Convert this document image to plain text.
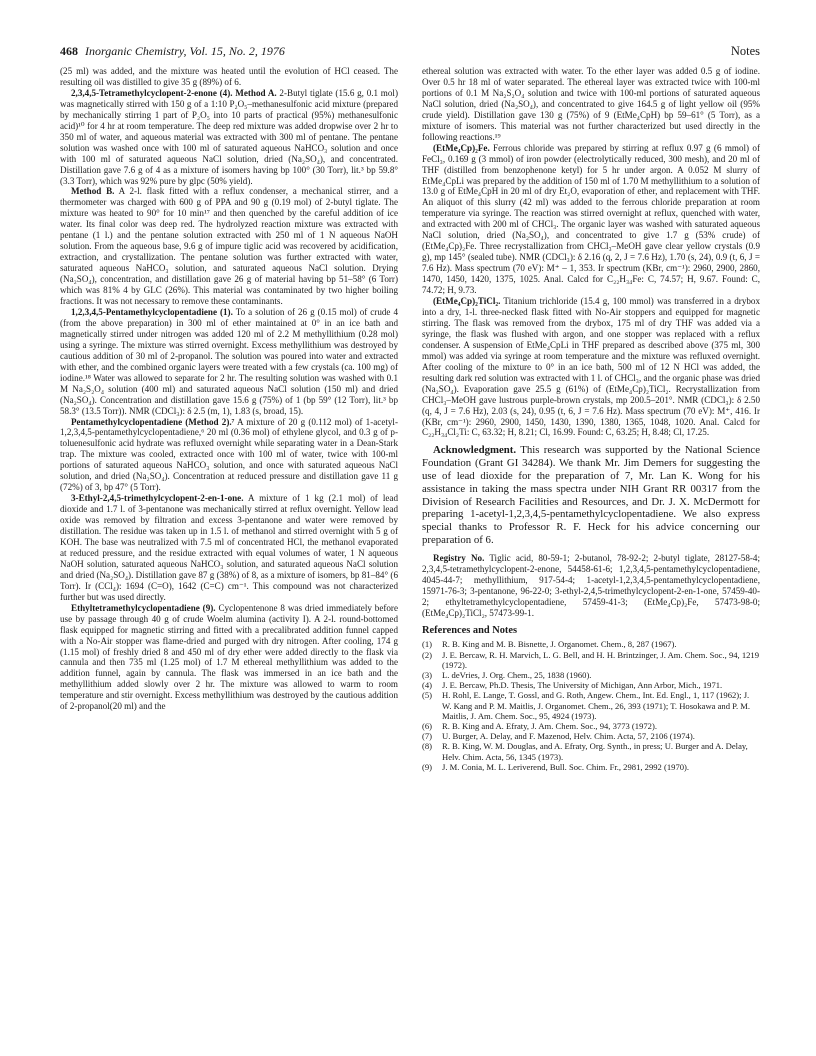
468 Inorganic Chemistry, Vol. 15, No. 2, 1976	Notes

(25 ml) was added, and the mixture was heated until the evolution of HCl ceased. The resulting oil was distilled to give 35 g (89%) of 6.

2,3,4,5-Tetramethylcyclopent-2-enone (4). Method A. 2-Butyl tiglate (15.6 g, 0.1 mol) was magnetically stirred with 150 g of a 1:10 P₂O₅–methanesulfonic acid mixture (prepared by mechanically stirring 1 part of P₂O₅ into 10 parts of practical (95%) methanesulfonic acid)¹⁰ for 4 hr at room temperature. The deep red mixture was added dropwise over 2 hr to 350 ml of water, and aqueous material was extracted with 300 ml of pentane. The pentane solution was washed once with 100 ml of saturated aqueous NaHCO₃ solution and once with 100 ml of saturated aqueous NaCl solution, dried (Na₂SO₄), and concentrated. Distillation gave 7.6 g of 4 as a mixture of isomers having bp 100° (30 Torr), lit.³ bp 59.8° (3.3 Torr), which was 92% pure by glpc (50% yield).

Method B. A 2-l. flask fitted with a reflux condenser, a mechanical stirrer, and a thermometer was charged with 600 g of PPA and 90 g (0.19 mol) of 2-butyl tiglate. The mixture was heated to 90° for 10 min¹⁷ and then quenched by the careful addition of ice water. Its final color was deep red. The hydrolyzed reaction mixture was extracted with pentane (1 l.) and the pentane solution extracted with 250 ml of 1 N aqueous NaOH solution. From the aqueous base, 9.6 g of impure tiglic acid was recovered by acidification, extraction, and crystallization. The pentane solution was further extracted with water, saturated aqueous NaHCO₃ solution, and saturated aqueous NaCl solution. Drying (Na₂SO₄), concentration, and distillation gave 26 g of material having bp 51–58° (6 Torr) which was 81% 4 by GLC (26%). This material was contaminated by two higher boiling fractions. It was not necessary to remove these contaminants.

1,2,3,4,5-Pentamethylcyclopentadiene (1). To a solution of 26 g (0.15 mol) of crude 4 (from the above preparation) in 300 ml of ether maintained at 0° in an ice bath and magnetically stirred under nitrogen was added 120 ml of 2.2 M methyllithium (0.28 mol) using a syringe. The mixture was stirred overnight. Excess methyllithium was destroyed by cautious addition of 30 ml of 2-propanol. The solution was poured into water and extracted with ether, and the combined organic layers were treated with a few crystals (ca. 100 mg) of iodine.¹⁸ Water was allowed to separate for 2 hr. The resulting solution was washed with 0.1 M Na₂S₂O₄ solution (400 ml) and saturated aqueous NaCl solution (150 ml) and dried (Na₂SO₄). Concentration and distillation gave 15.6 g (75%) of 1 (bp 59° (12 Torr), lit.³ bp 58.3° (13.5 Torr)). NMR (CDCl₃): δ 2.5 (m, 1), 1.83 (s, broad, 15).

Pentamethylcyclopentadiene (Method 2).⁷ A mixture of 20 g (0.112 mol) of 1-acetyl-1,2,3,4,5-pentamethylcyclopentadiene,⁶ 20 ml (0.36 mol) of ethylene glycol, and 0.3 g of p-toluenesulfonic acid hydrate was refluxed overnight while separating water in a Dean-Stark trap. The mixture was cooled, extracted once with 100 ml of water, twice with 100-ml portions of saturated aqueous NaHCO₃ solution, and once with saturated aqueous NaCl solution, and dried (Na₂SO₄). Concentration at reduced pressure and distillation gave 11 g (72%) of 3, bp 47° (5 Torr).

3-Ethyl-2,4,5-trimethylcyclopent-2-en-1-one. A mixture of 1 kg (2.1 mol) of lead dioxide and 1.7 l. of 3-pentanone was mechanically stirred at reflux overnight. Yellow lead oxide was removed by filtration and excess 3-pentanone and water were removed by distillation. The residue was taken up in 1.5 l. of methanol and stirred overnight with 5 g of KOH. The base was neutralized with 7.5 ml of concentrated HCl, the methanol evaporated at reduced pressure, and the residue extracted with equal volumes of water, 1 N aqueous NaOH solution, saturated aqueous NaHCO₃ solution, and saturated aqueous NaCl solution and dried (Na₂SO₄). Distillation gave 87 g (38%) of 8, as a mixture of isomers, bp 81–84° (6 Torr). Ir (CCl₄): 1694 (C=O), 1642 (C=C) cm⁻¹. This compound was not characterized further but was used directly.

Ethyltetramethylcyclopentadiene (9). Cyclopentenone 8 was dried immediately before use by passage through 40 g of crude Woelm alumina (activity I). A 2-l. round-bottomed flask equipped for magnetic stirring and fitted with a precalibrated addition funnel capped with a No-Air stopper was flame-dried and purged with dry nitrogen. After cooling, 174 g (1.15 mol) of freshly dried 8 and 450 ml of dry ether were added directly to the flask via cannula and then 735 ml (1.25 mol) of 1.7 M ethereal methyllithium was added to the addition funnel, again by cannula. The flask was immersed in an ice bath and the methyllithium added slowly over 2 hr. The mixture was allowed to warm to room temperature and stir overnight. Excess methyllithium was destroyed by the cautious addition of 2-propanol(20 ml) and the

ethereal solution was extracted with water. To the ether layer was added 0.5 g of iodine. Over 0.5 hr 18 ml of water separated. The ethereal layer was extracted twice with 100-ml portions of 0.1 M Na₂S₂O₄ solution and twice with 100-ml portions of saturated aqueous NaCl solution, dried (Na₂SO₄), and concentrated to give 164.5 g of light yellow oil (95% crude yield). Distillation gave 130 g (75%) of 9 (EtMe₄CpH) bp 59–61° (5 Torr), as a mixture of isomers. This material was not further characterized but used directly in the following reactions.¹⁹

(EtMe₄Cp)₂Fe. Ferrous chloride was prepared by stirring at reflux 0.97 g (6 mmol) of FeCl₃, 0.169 g (3 mmol) of iron powder (electrolytically reduced, 300 mesh), and 20 ml of THF (distilled from benzophenone ketyl) for 5 hr under argon. A 0.052 M slurry of EtMe₄CpLi was prepared by the addition of 150 ml of 1.70 M methyllithium to a solution of 13.0 g of EtMe₄CpH in 20 ml of dry Et₂O, evaporation of ether, and replacement with THF. An aliquot of this slurry (42 ml) was added to the ferrous chloride preparation at room temperature via syringe. The reaction was stirred overnight at reflux, quenched with water, and extracted with 200 ml of CHCl₃. The organic layer was washed with saturated aqueous NaCl solution, dried (Na₂SO₄), and concentrated to give 1.7 g (53% crude) of (EtMe₄Cp)₂Fe. Three recrystallization from CHCl₃–MeOH gave clear yellow crystals (0.9 g), mp 145° (sealed tube). NMR (CDCl₃): δ 2.16 (q, 2, J = 7.6 Hz), 1.70 (s, 24), 0.9 (t, 6, J = 7.6 Hz). Mass spectrum (70 eV): M⁺ – 1, 353. Ir spectrum (KBr, cm⁻¹): 2960, 2900, 2860, 1470, 1450, 1420, 1375, 1025. Anal. Calcd for C₂₂H₃₄Fe: C, 74.57; H, 9.67. Found: C, 74.72; H, 9.73.

(EtMe₄Cp)₂TiCl₂. Titanium trichloride (15.4 g, 100 mmol) was transferred in a drybox into a dry, 1-l. three-necked flask fitted with No-Air stoppers and equipped for magnetic stirring. The flask was removed from the drybox, 175 ml of dry THF was added via a syringe, the flask was flushed with argon, and one stopper was replaced with a reflux condenser. A suspension of EtMe₄CpLi in THF prepared as described above (375 ml, 300 mmol) was added via syringe at room temperature and the mixture was refluxed overnight. After cooling of the mixture to 0° in an ice bath, 500 ml of 12 N HCl was added, the resulting dark red solution was extracted with 1 l. of CHCl₃, and the organic phase was dried (Na₂SO₄). Evaporation gave 25.5 g (61%) of (EtMe₄Cp)₂TiCl₂. Recrystallization from CHCl₃–MeOH gave lustrous purple-brown crystals, mp 200.5–201°. NMR (CDCl₃): δ 2.50 (q, 4, J = 7.6 Hz), 2.03 (s, 24), 0.95 (t, 6, J = 7.6 Hz). Mass spectrum (70 eV): M⁺, 416. Ir (KBr, cm⁻¹): 2960, 2900, 1450, 1430, 1390, 1380, 1365, 1048, 1020. Anal. Calcd for C₂₂H₃₄Cl₂Ti: C, 63.32; H, 8.21; Cl, 16.99. Found: C, 63.25; H, 8.48; Cl, 17.25.

Acknowledgment. This research was supported by the National Science Foundation (Grant GI 34284). We thank Mr. Jim Demers for suggesting the use of lead dioxide for the preparation of 7, Mr. Lan K. Wong for his assistance in taking the mass spectra under NIH Grant RR 00317 from the Division of Research Facilities and Resources, and Dr. J. X. McDermott for preparing 1-acetyl-1,2,3,4,5-pentamethylcyclopentadiene. We also express special thanks to Professor R. F. Heck for his advice concerning our preparation of 6.

Registry No. Tiglic acid, 80-59-1; 2-butanol, 78-92-2; 2-butyl tiglate, 28127-58-4; 2,3,4,5-tetramethylcyclopent-2-enone, 54458-61-6; 1,2,3,4,5-pentamethylcyclopentadiene, 4045-44-7; methyllithium, 917-54-4; 1-acetyl-1,2,3,4,5-pentamethylcyclopentadiene, 15971-76-3; 3-pentanone, 96-22-0; 3-ethyl-2,4,5-trimethylcyclopent-2-en-1-one, 57459-40-2; ethyltetramethylcyclopentadiene, 57459-41-3; (EtMe₄Cp)₂Fe, 57473-98-0; (EtMe₄Cp)₂TiCl₂, 57473-99-1.

References and Notes
(1)	R. B. King and M. B. Bisnette, J. Organomet. Chem., 8, 287 (1967).
(2)	J. E. Bercaw, R. H. Marvich, L. G. Bell, and H. H. Brintzinger, J. Am. Chem. Soc., 94, 1219 (1972).
(3)	L. deVries, J. Org. Chem., 25, 1838 (1960).
(4)	J. E. Bercaw, Ph.D. Thesis, The University of Michigan, Ann Arbor, Mich., 1971.
(5)	H. Rohl, E. Lange, T. Gossl, and G. Roth, Angew. Chem., Int. Ed. Engl., 1, 117 (1962); J. W. Kang and P. M. Maitlis, J. Organomet. Chem., 26, 393 (1971); T. Hosokawa and P. M. Maitlis, J. Am. Chem. Soc., 95, 4924 (1973).
(6)	R. B. King and A. Efraty, J. Am. Chem. Soc., 94, 3773 (1972).
(7)	U. Burger, A. Delay, and F. Mazenod, Helv. Chim. Acta, 57, 2106 (1974).
(8)	R. B. King, W. M. Douglas, and A. Efraty, Org. Synth., in press; U. Burger and A. Delay, Helv. Chim. Acta, 56, 1345 (1973).
(9)	J. M. Conia, M. L. Leriverend, Bull. Soc. Chim. Fr., 2981, 2992 (1970).
